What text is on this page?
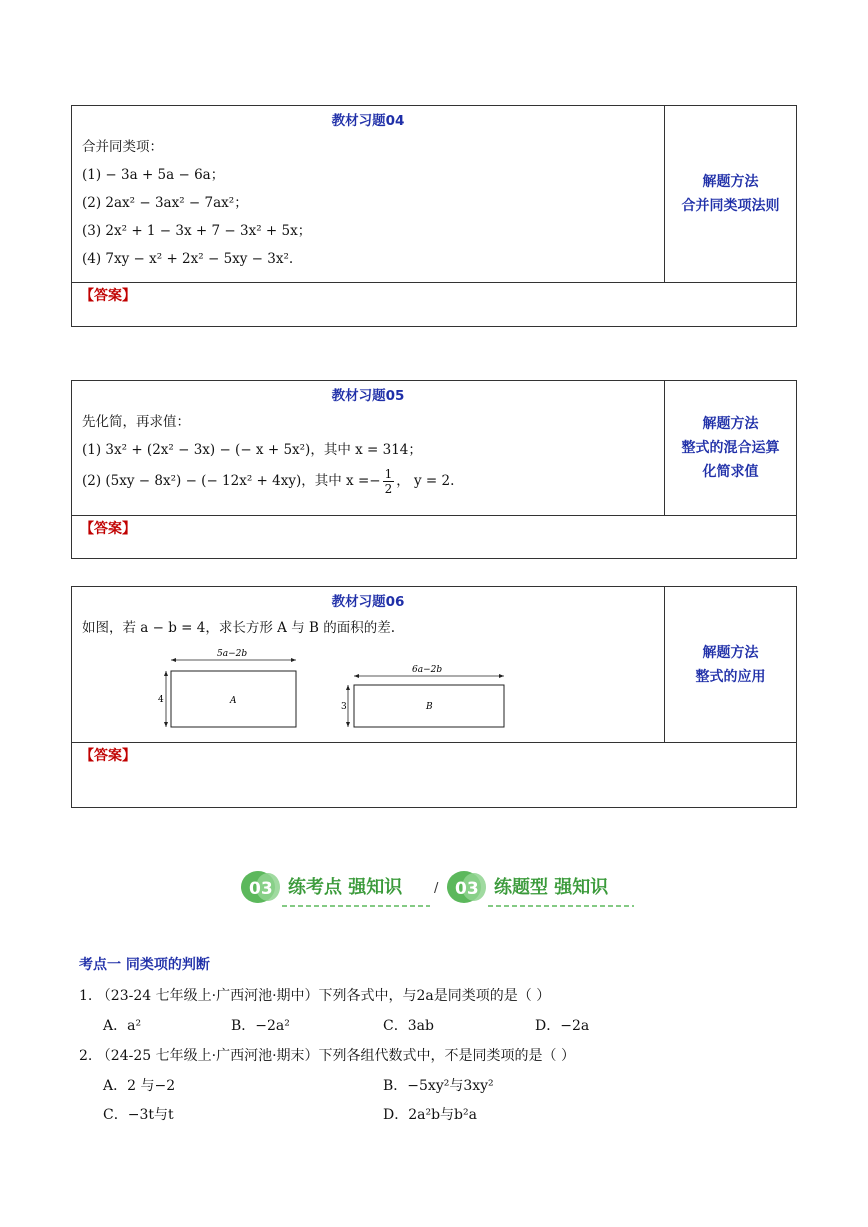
教材习题04
合并同类项：
(1) − 3a + 5a − 6a；
(2) 2ax² − 3ax² − 7ax²；
(3) 2x² + 1 − 3x + 7 − 3x² + 5x；
(4) 7xy − x² + 2x² − 5xy − 3x².
解题方法
合并同类项法则
【答案】
教材习题05
先化简，再求值：
(1) 3x² + (2x² − 3x) − (− x + 5x²)，其中 x = 314；
(2) (5xy − 8x²) − (− 12x² + 4xy)，其中 $x =- \frac{1}{2}$ ， y = 2.
解题方法
整式的混合运算
化简求值
【答案】
教材习题06
如图，若 a − b = 4，求长方形 A 与 B 的面积的差.
5a−2b
4	A
6a−2b
3	B
解题方法
整式的应用
【答案】
03 练考点 强知识 / 03 练题型 强知识
考点一 同类项的判断
1. （23-24 七年级上·广西河池·期中）下列各式中，与2a是同类项的是（ ）
A．a²	B．−2a²	C．3ab	D．−2a
2. （24-25 七年级上·广西河池·期末）下列各组代数式中，不是同类项的是（ ）
A．2 与−2	B．−5xy²与3xy²
C．−3t与t	D．2a²b与b²a
